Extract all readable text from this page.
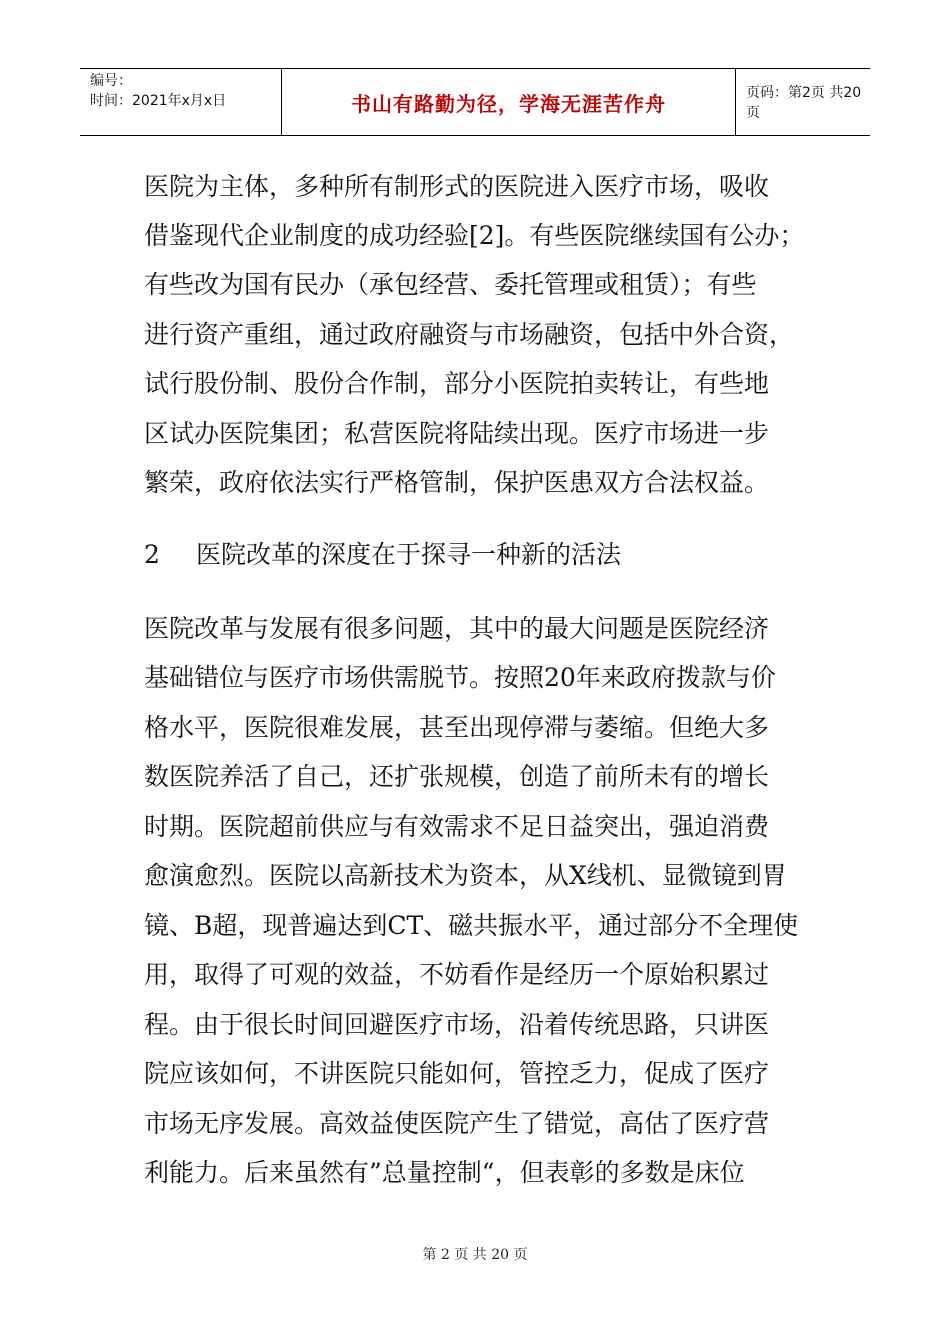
编号：
时间：2021年x月x日	书山有路勤为径，学海无涯苦作舟	页码：第2页 共20页
医院为主体，多种所有制形式的医院进入医疗市场，吸收
借鉴现代企业制度的成功经验[2]。有些医院继续国有公办；
有些改为国有民办（承包经营、委托管理或租赁）；有些
进行资产重组，通过政府融资与市场融资，包括中外合资，
试行股份制、股份合作制，部分小医院拍卖转让，有些地
区试办医院集团；私营医院将陆续出现。医疗市场进一步
繁荣，政府依法实行严格管制，保护医患双方合法权益。
2 医院改革的深度在于探寻一种新的活法
医院改革与发展有很多问题，其中的最大问题是医院经济
基础错位与医疗市场供需脱节。按照20年来政府拨款与价
格水平，医院很难发展，甚至出现停滞与萎缩。但绝大多
数医院养活了自己，还扩张规模，创造了前所未有的增长
时期。医院超前供应与有效需求不足日益突出，强迫消费
愈演愈烈。医院以高新技术为资本，从X线机、显微镜到胃
镜、B超，现普遍达到CT、磁共振水平，通过部分不全理使
用，取得了可观的效益，不妨看作是经历一个原始积累过
程。由于很长时间回避医疗市场，沿着传统思路，只讲医
院应该如何，不讲医院只能如何，管控乏力，促成了医疗
市场无序发展。高效益使医院产生了错觉，高估了医疗营
利能力。后来虽然有”总量控制“，但表彰的多数是床位
第 2 页 共 20 页
